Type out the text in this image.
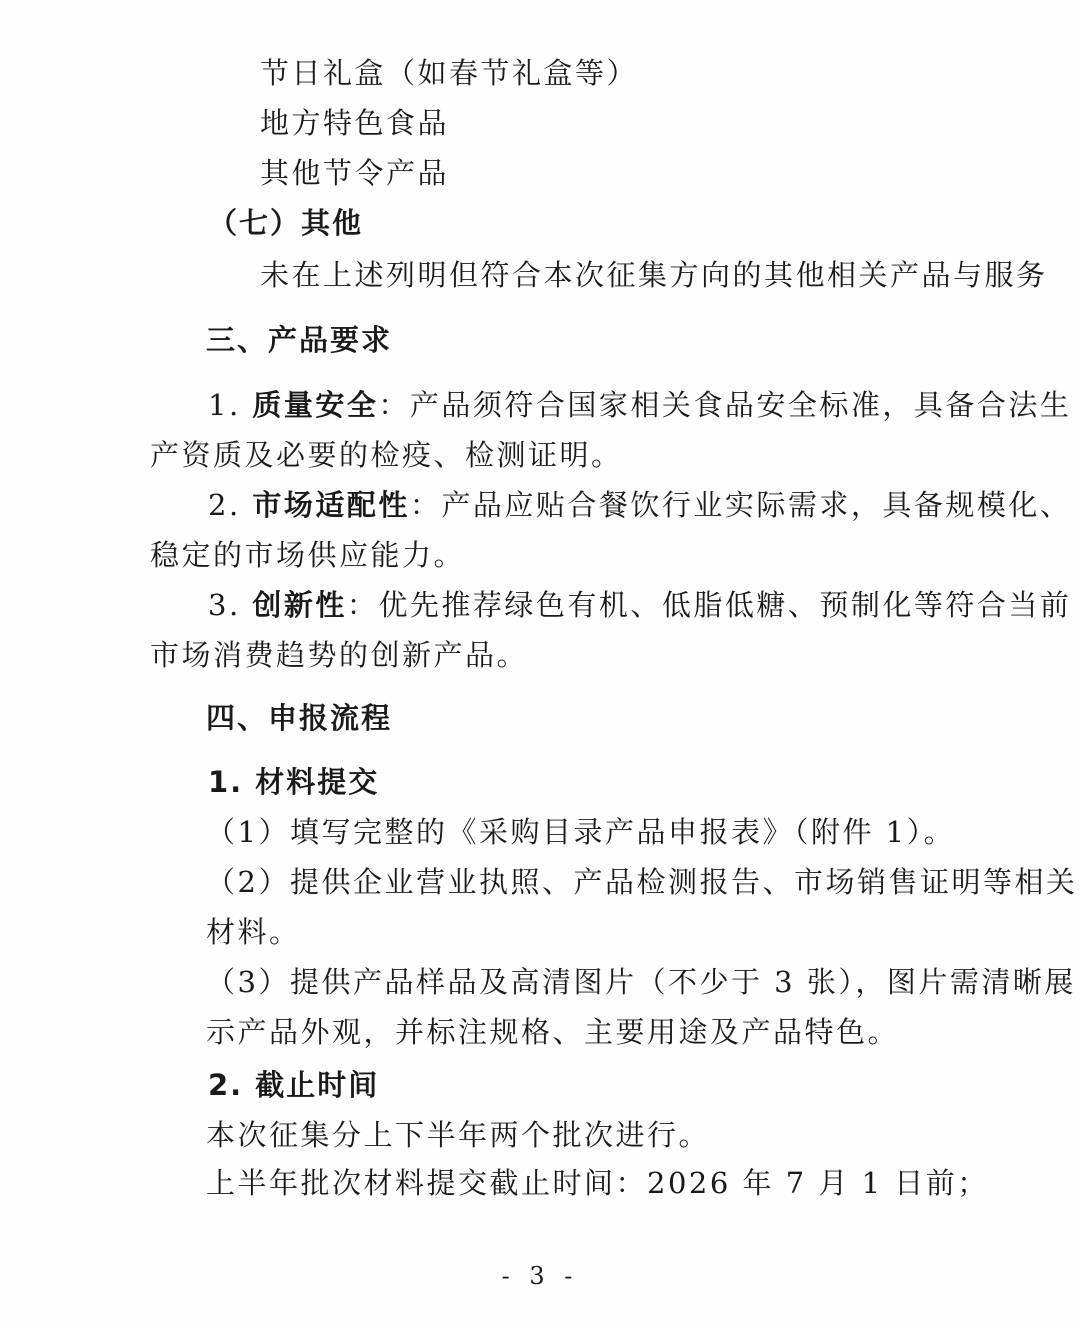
节日礼盒（如春节礼盒等）
地方特色食品
其他节令产品
（七）其他
未在上述列明但符合本次征集方向的其他相关产品与服务
三、产品要求
1. 质量安全：产品须符合国家相关食品安全标准，具备合法生
产资质及必要的检疫、检测证明。
2. 市场适配性：产品应贴合餐饮行业实际需求，具备规模化、
稳定的市场供应能力。
3. 创新性：优先推荐绿色有机、低脂低糖、预制化等符合当前
市场消费趋势的创新产品。
四、申报流程
1. 材料提交
（1）填写完整的《采购目录产品申报表》（附件 1）。
（2）提供企业营业执照、产品检测报告、市场销售证明等相关
材料。
（3）提供产品样品及高清图片（不少于 3 张），图片需清晰展
示产品外观，并标注规格、主要用途及产品特色。
2. 截止时间
本次征集分上下半年两个批次进行。
上半年批次材料提交截止时间：2026 年 7 月 1 日前；
- 3 -
